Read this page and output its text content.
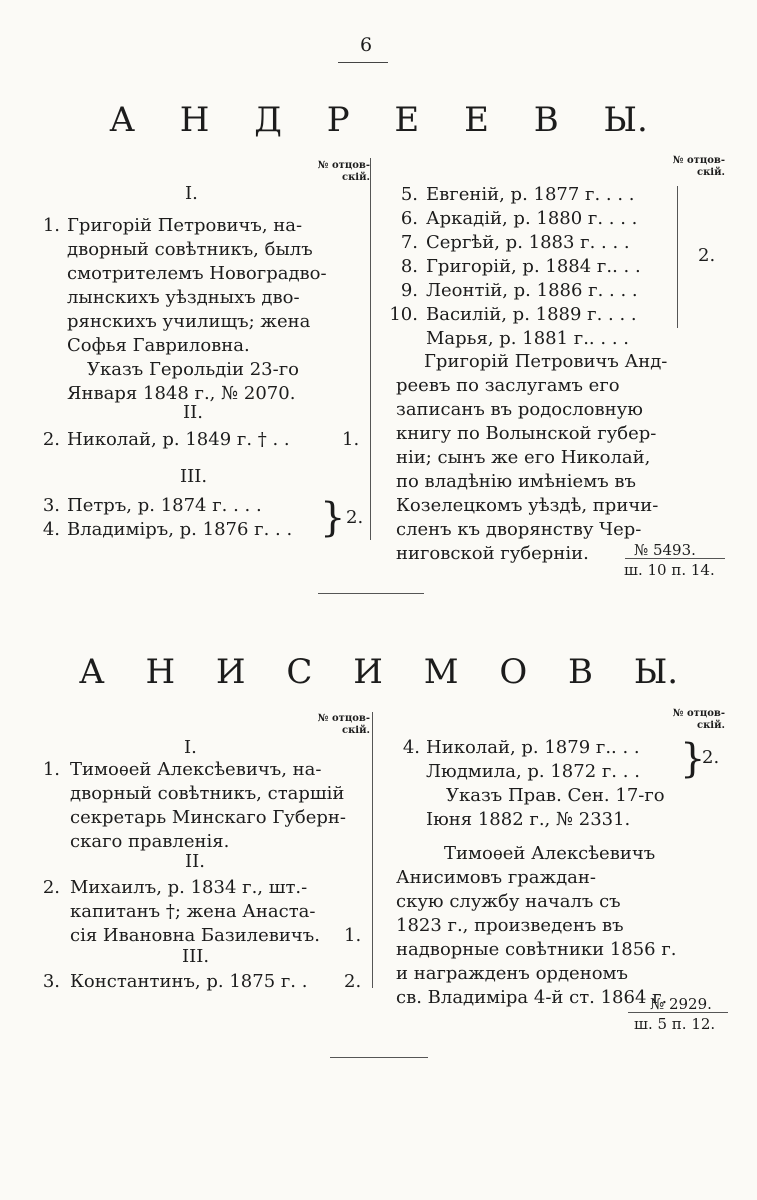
6
А Н Д Р Е Е В Ы.
№ отцов-
скій.
I.
1. Григорій Петровичъ, на-
дворный совѣтникъ, былъ
смотрителемъ Новоградво-
лынскихъ уѣздныхъ дво-
рянскихъ училищъ; жена
Софья Гавриловна.
Указъ Герольдіи 23-го
Января 1848 г., № 2070.
II.
2. Николай, р. 1849 г. † . .	1.
III.
3. Петръ, р. 1874 г. . . .
4. Владиміръ, р. 1876 г. . . } 2.
№ отцов-
скій.
5. Евгеній, р. 1877 г. . . .
6. Аркадій, р. 1880 г. . . .
7. Сергѣй, р. 1883 г. . . .
8. Григорій, р. 1884 г.. . .
9. Леонтій, р. 1886 г. . . .
10. Василій, р. 1889 г. . . .
Марья, р. 1881 г.. . . .
2.
Григорій Петровичъ Анд-
реевъ по заслугамъ его
записанъ въ родословную
книгу по Волынской губер-
ніи; сынъ же его Николай,
по владѣнію имѣніемъ въ
Козелецкомъ уѣздѣ, причи-
сленъ къ дворянству Чер-
ниговской губерніи.	№ 5493.
ш. 10 п. 14.
А Н И С И М О В Ы.
№ отцов-
скій.
I.
1. Тимоѳей Алексѣевичъ, на-
дворный совѣтникъ, старшій
секретарь Минскаго Губерн-
скаго правленія.
II.
2. Михаилъ, р. 1834 г., шт.-
капитанъ †; жена Анаста-
сія Ивановна Базилевичъ. 1.
III.
3. Константинъ, р. 1875 г. . 2.
№ отцов-
скій.
4. Николай, р. 1879 г.. . .
Людмила, р. 1872 г. . . }
2.
Указъ Прав. Сен. 17-го
Іюня 1882 г., № 2331.
Тимоѳей Алексѣевичъ
Анисимовъ граждан-
скую службу началъ съ
1823 г., произведенъ въ
надворные совѣтники 1856 г.
и награжденъ орденомъ
св. Владиміра 4-й ст. 1864 г.
№ 2929.
ш. 5 п. 12.
